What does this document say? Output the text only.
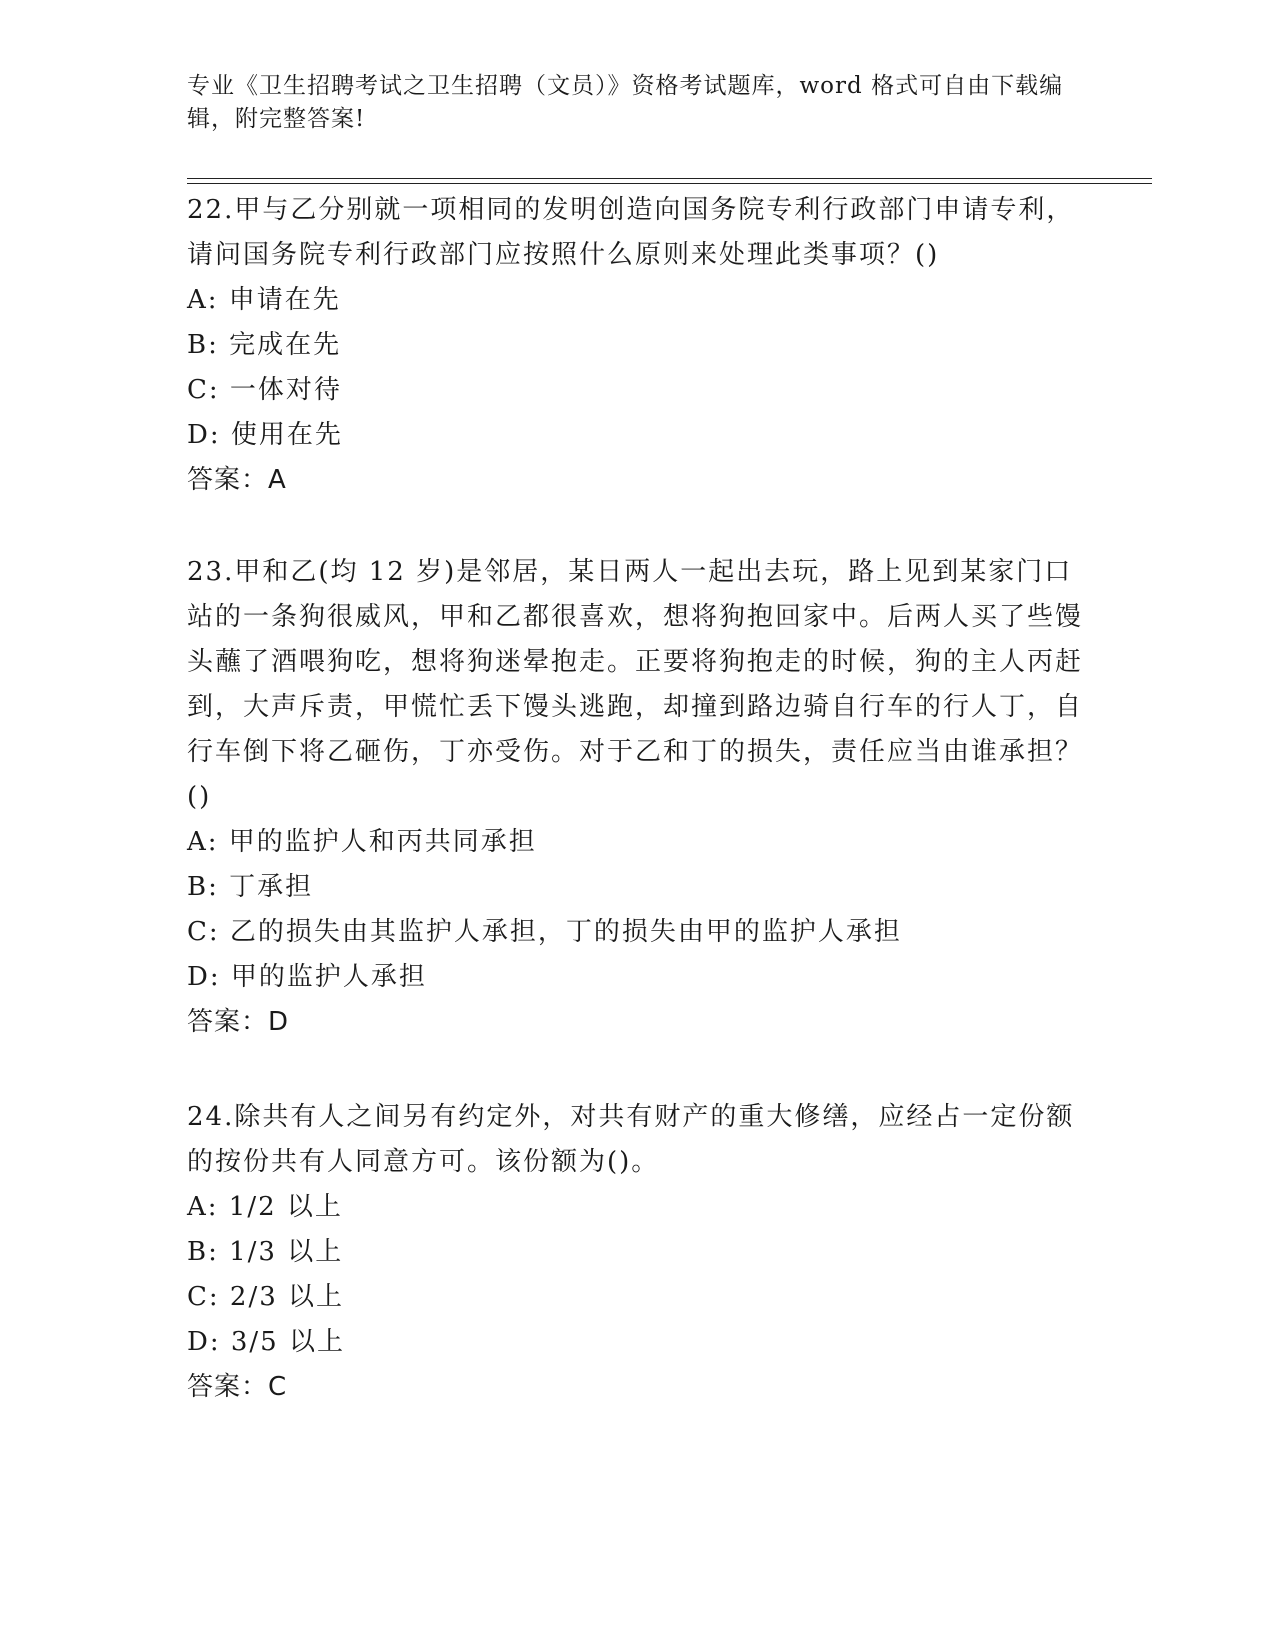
专业《卫生招聘考试之卫生招聘（文员）》资格考试题库，word 格式可自由下载编辑，附完整答案!

22.甲与乙分别就一项相同的发明创造向国务院专利行政部门申请专利，请问国务院专利行政部门应按照什么原则来处理此类事项？()

A: 申请在先

B: 完成在先

C: 一体对待

D: 使用在先

答案：A

23.甲和乙(均 12 岁)是邻居，某日两人一起出去玩，路上见到某家门口站的一条狗很威风，甲和乙都很喜欢，想将狗抱回家中。后两人买了些馒头蘸了酒喂狗吃，想将狗迷晕抱走。正要将狗抱走的时候，狗的主人丙赶到，大声斥责，甲慌忙丢下馒头逃跑，却撞到路边骑自行车的行人丁，自行车倒下将乙砸伤，丁亦受伤。对于乙和丁的损失，责任应当由谁承担？()

A: 甲的监护人和丙共同承担

B: 丁承担

C: 乙的损失由其监护人承担，丁的损失由甲的监护人承担

D: 甲的监护人承担

答案：D

24.除共有人之间另有约定外，对共有财产的重大修缮，应经占一定份额的按份共有人同意方可。该份额为()。

A: 1/2 以上

B: 1/3 以上

C: 2/3 以上

D: 3/5 以上

答案：C
